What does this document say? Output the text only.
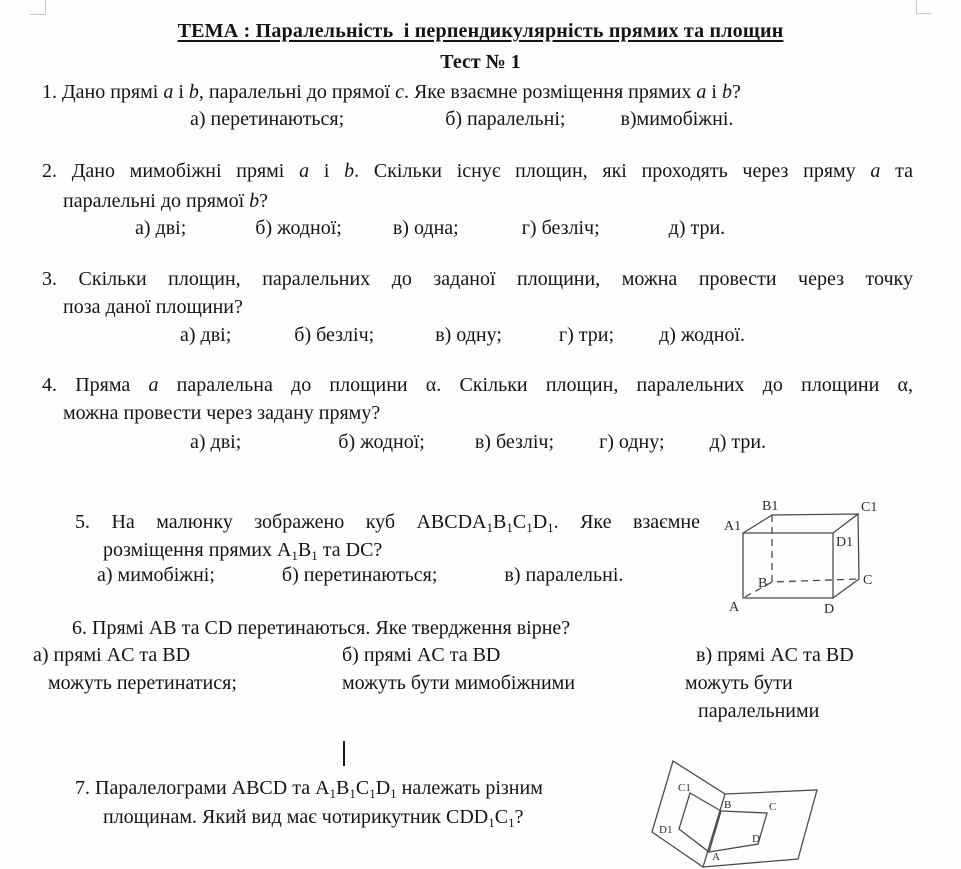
ТЕМА : Паралельність  і перпендикулярність прямих та площин
Тест № 1
1. Дано прямі a і b, паралельні до прямої c. Яке взаємне розміщення прямих a і b?
а) перетинаються;	б) паралельні;	в)мимобіжні.
2. Дано мимобіжні прямі a і b. Скільки існує площин, які проходять через пряму a та
паралельні до прямої b?
а) дві;	б) жодної;	в) одна;	г) безліч;	д) три.
3. Скільки площин, паралельних до заданої площини, можна провести через точку
поза даної площини?
а) дві;	б) безліч;	в) одну;	г) три; д) жодної.
4. Пряма a паралельна до площини α. Скільки площин, паралельних до площини α,
можна провести через задану пряму?
а) дві;	б) жодної;	в) безліч; г) одну; д) три.
5. На малюнку зображено куб $ABCDA_1B_1C_1D_1$. Яке взаємне
розміщення прямих $A_1B_1$ та DC?
а) мимобіжні;	б) перетинаються;	в) паралельні.
B1	C1
A1
D1
B	C
A	D
6. Прямі AB та CD перетинаються. Яке твердження вірне?
а) прямі AC та BD
можуть перетинатися;
б) прямі AC та BD
можуть бути мимобіжними
в) прямі AC та BD
можуть бути
паралельними
7. Паралелограми ABCD та $A_1B_1C_1D_1$ належать різним
площинам. Який вид має чотирикутник $CDD_1C_1$?
C1
B	C
D1
A
D
